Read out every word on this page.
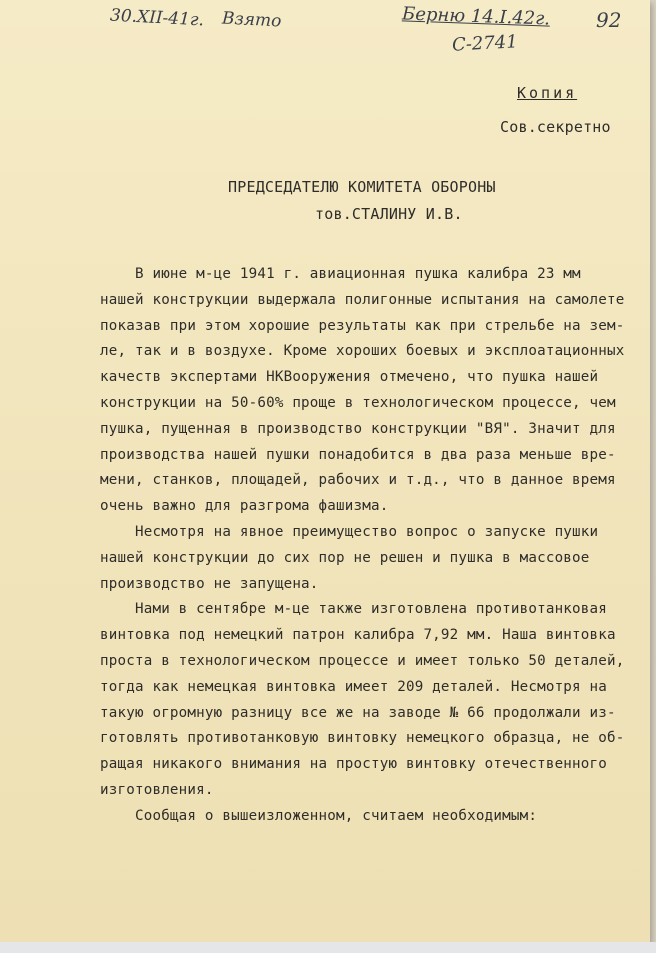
30.XII-41г. Взято	Берню 14.I.42г.
С-2741
92
Копия
Сов.секретно
ПРЕДСЕДАТЕЛЮ КОМИТЕТА ОБОРОНЫ
тов.СТАЛИНУ И.В.
В июне м-це 1941 г. авиационная пушка калибра 23 мм
нашей конструкции выдержала полигонные испытания на самолете
показав при этом хорошие результаты как при стрельбе на зем-
ле, так и в воздухе. Кроме хороших боевых и эксплоатационных
качеств экспертами НКВооружения отмечено, что пушка нашей
конструкции на 50-60% проще в технологическом процессе, чем
пушка, пущенная в производство конструкции "ВЯ". Значит для
производства нашей пушки понадобится в два раза меньше вре-
мени, станков, площадей, рабочих и т.д., что в данное время
очень важно для разгрома фашизма.
Несмотря на явное преимущество вопрос о запуске пушки
нашей конструкции до сих пор не решен и пушка в массовое
производство не запущена.
Нами в сентябре м-це также изготовлена противотанковая
винтовка под немецкий патрон калибра 7,92 мм. Наша винтовка
проста в технологическом процессе и имеет только 50 деталей,
тогда как немецкая винтовка имеет 209 деталей. Несмотря на
такую огромную разницу все же на заводе № 66 продолжали из-
готовлять противотанковую винтовку немецкого образца, не об-
ращая никакого внимания на простую винтовку отечественного
изготовления.
Сообщая о вышеизложенном, считаем необходимым:
